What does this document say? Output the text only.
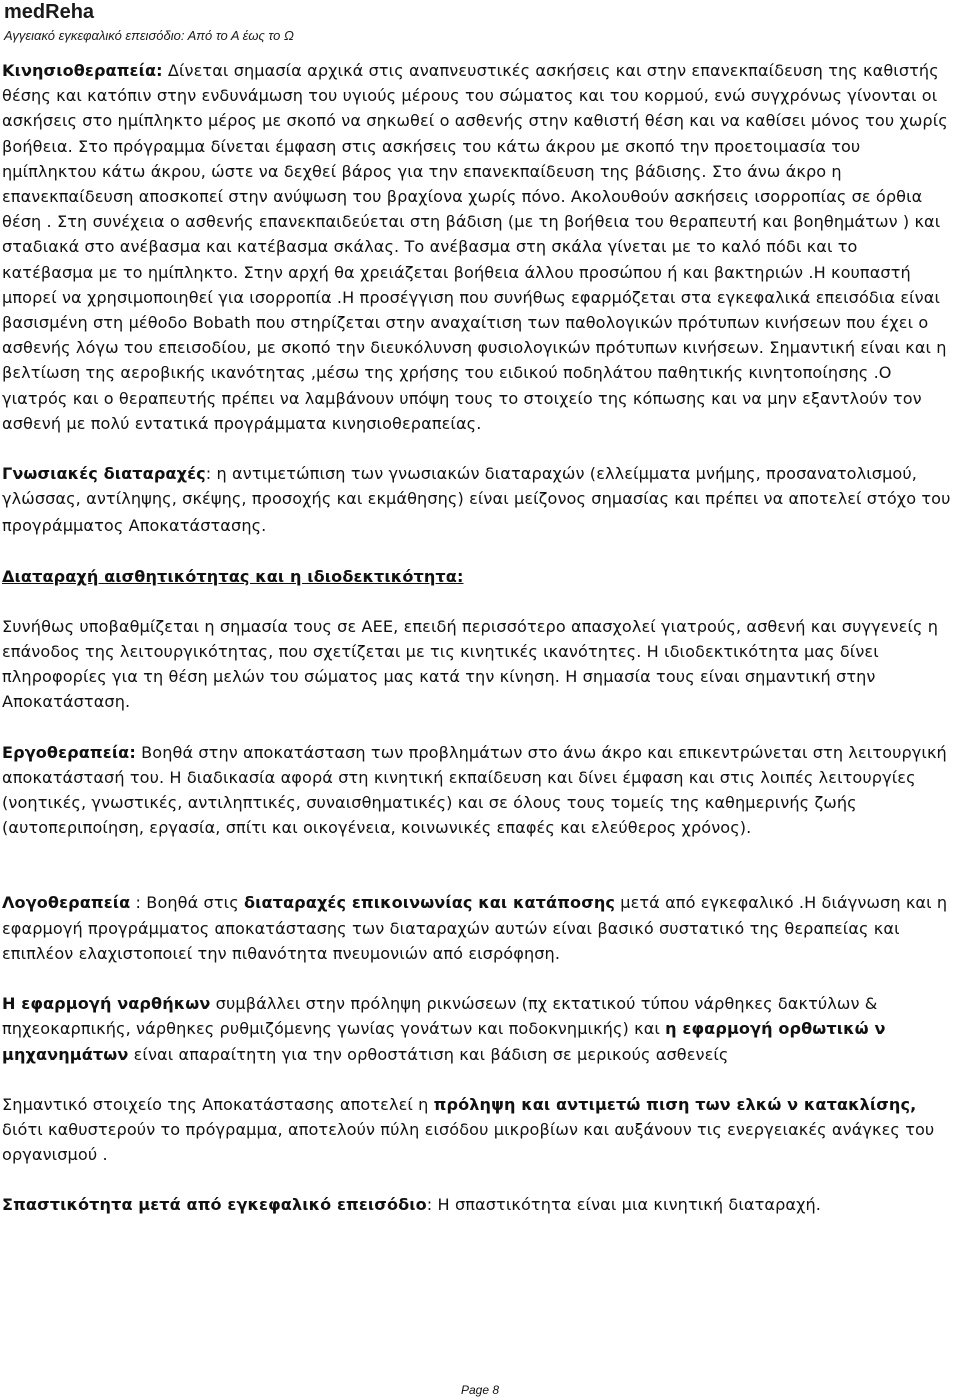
medReha
Αγγειακό εγκεφαλικό επεισόδιο: Από το Α έως το Ω

Κινησιοθεραπεία: Δίνεται σημασία αρχικά στις αναπνευστικές ασκήσεις και στην επανεκπαίδευση της καθιστής θέσης και κατόπιν στην ενδυνάμωση του υγιούς μέρους του σώματος και του κορμού, ενώ συγχρόνως γίνονται οι ασκήσεις στο ημίπληκτο μέρος με σκοπό να σηκωθεί ο ασθενής στην καθιστή θέση και να καθίσει μόνος του χωρίς βοήθεια. Στο πρόγραμμα δίνεται έμφαση στις ασκήσεις του κάτω άκρου με σκοπό την προετοιμασία του ημίπληκτου κάτω άκρου, ώστε να δεχθεί βάρος για την επανεκπαίδευση της βάδισης. Στο άνω άκρο η επανεκπαίδευση αποσκοπεί στην ανύψωση του βραχίονα χωρίς πόνο. Ακολουθούν ασκήσεις ισορροπίας σε όρθια θέση . Στη συνέχεια ο ασθενής επανεκπαιδεύεται στη βάδιση (με τη βοήθεια του θεραπευτή και βοηθημάτων ) και σταδιακά στο ανέβασμα και κατέβασμα σκάλας. Το ανέβασμα στη σκάλα γίνεται με το καλό πόδι και το κατέβασμα με το ημίπληκτο. Στην αρχή θα χρειάζεται βοήθεια άλλου προσώπου ή και βακτηριών .Η κουπαστή μπορεί να χρησιμοποιηθεί για ισορροπία .Η προσέγγιση που συνήθως εφαρμόζεται στα εγκεφαλικά επεισόδια είναι βασισμένη στη μέθοδο Bobath που στηρίζεται στην αναχαίτιση των παθολογικών πρότυπων κινήσεων που έχει ο ασθενής λόγω του επεισοδίου, με σκοπό την διευκόλυνση φυσιολογικών πρότυπων κινήσεων. Σημαντική είναι και η βελτίωση της αεροβικής ικανότητας ,μέσω της χρήσης του ειδικού ποδηλάτου παθητικής κινητοποίησης .Ο γιατρός και ο θεραπευτής πρέπει να λαμβάνουν υπόψη τους το στοιχείο της κόπωσης και να μην εξαντλούν τον ασθενή με πολύ εντατικά προγράμματα κινησιοθεραπείας.

Γνωσιακές διαταραχές: η αντιμετώπιση των γνωσιακών διαταραχών (ελλείμματα μνήμης, προσανατολισμού, γλώσσας, αντίληψης, σκέψης, προσοχής και εκμάθησης) είναι μείζονος σημασίας και πρέπει να αποτελεί στόχο του προγράμματος Αποκατάστασης.

Διαταραχή αισθητικότητας και η ιδιοδεκτικότητα:

Συνήθως υποβαθμίζεται η σημασία τους σε ΑΕΕ, επειδή περισσότερο απασχολεί γιατρούς, ασθενή και συγγενείς η επάνοδος της λειτουργικότητας, που σχετίζεται με τις κινητικές ικανότητες. Η ιδιοδεκτικότητα μας δίνει πληροφορίες για τη θέση μελών του σώματος μας κατά την κίνηση. Η σημασία τους είναι σημαντική στην Αποκατάσταση.

Εργοθεραπεία: Βοηθά στην αποκατάσταση των προβλημάτων στο άνω άκρο και επικεντρώνεται στη λειτουργική αποκατάστασή του. Η διαδικασία αφορά στη κινητική εκπαίδευση και δίνει έμφαση και στις λοιπές λειτουργίες (νοητικές, γνωστικές, αντιληπτικές, συναισθηματικές) και σε όλους τους τομείς της καθημερινής ζωής (αυτοπεριποίηση, εργασία, σπίτι και οικογένεια, κοινωνικές επαφές και ελεύθερος χρόνος).

Λογοθεραπεία : Βοηθά στις διαταραχές επικοινωνίας και κατάποσης μετά από εγκεφαλικό .Η διάγνωση και η εφαρμογή προγράμματος αποκατάστασης των διαταραχών αυτών είναι βασικό συστατικό της θεραπείας και επιπλέον ελαχιστοποιεί την πιθανότητα πνευμονιών από εισρόφηση.

Η εφαρμογή ναρθήκων συμβάλλει στην πρόληψη ρικνώσεων (πχ εκτατικού τύπου νάρθηκες δακτύλων & πηχεοκαρπικής, νάρθηκες ρυθμιζόμενης γωνίας γονάτων και ποδοκνημικής) και η εφαρμογή ορθωτικώ ν μηχανημάτων είναι απαραίτητη για την ορθοστάτιση και βάδιση σε μερικούς ασθενείς

Σημαντικό στοιχείο της Αποκατάστασης αποτελεί η πρόληψη και αντιμετώ πιση των ελκώ ν κατακλίσης, διότι καθυστερούν το πρόγραμμα, αποτελούν πύλη εισόδου μικροβίων και αυξάνουν τις ενεργειακές ανάγκες του οργανισμού .

Σπαστικότητα μετά από εγκεφαλικό επεισόδιο: Η σπαστικότητα είναι μια κινητική διαταραχή.

Page 8
